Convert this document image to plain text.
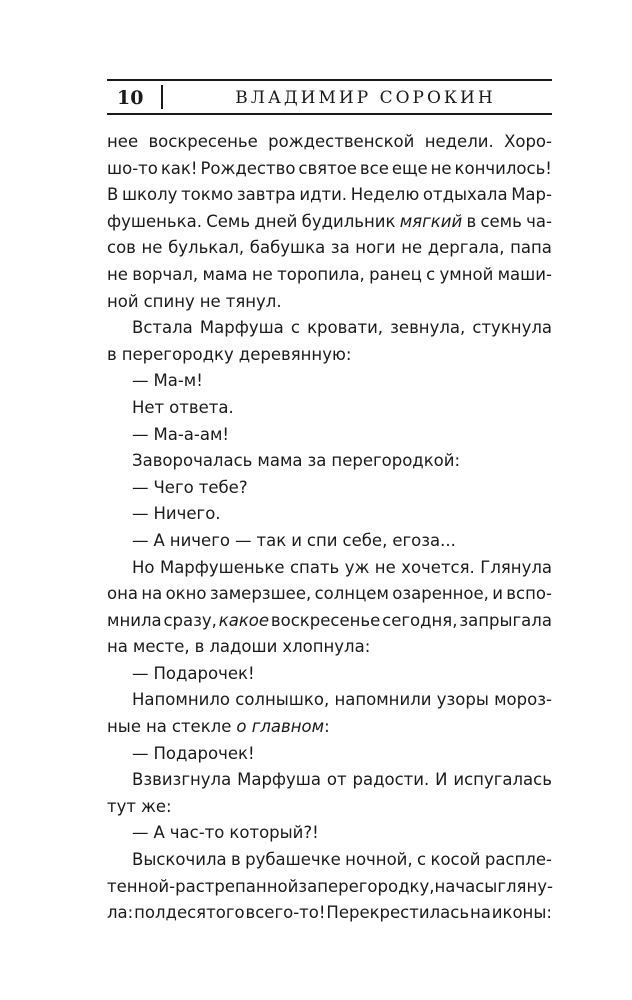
10	ВЛАДИМИР СОРОКИН
нее воскресенье рождественской недели. Хоро-
шо-то как! Рождество святое все еще не кончилось!
В школу токмо завтра идти. Неделю отдыхала Мар-
фушенька. Семь дней будильник мягкий в семь ча-
сов не булькал, бабушка за ноги не дергала, папа
не ворчал, мама не торопила, ранец с умной маши-
ной спину не тянул.
Встала Марфуша с кровати, зевнула, стукнула
в перегородку деревянную:
— Ма-м!
Нет ответа.
— Ма-а-ам!
Заворочалась мама за перегородкой:
— Чего тебе?
— Ничего.
— А ничего — так и спи себе, егоза...
Но Марфушеньке спать уж не хочется. Глянула
она на окно замерзшее, солнцем озаренное, и вспо-
мнила сразу, какое воскресенье сегодня, запрыгала
на месте, в ладоши хлопнула:
— Подарочек!
Напомнило солнышко, напомнили узоры мороз-
ные на стекле о главном:
— Подарочек!
Взвизгнула Марфуша от радости. И испугалась
тут же:
— А час-то который?!
Выскочила в рубашечке ночной, с косой распле-
тенной-растрепанной за перегородку, на часы гляну-
ла: полдесятого всего-то! Перекрестилась на иконы:
